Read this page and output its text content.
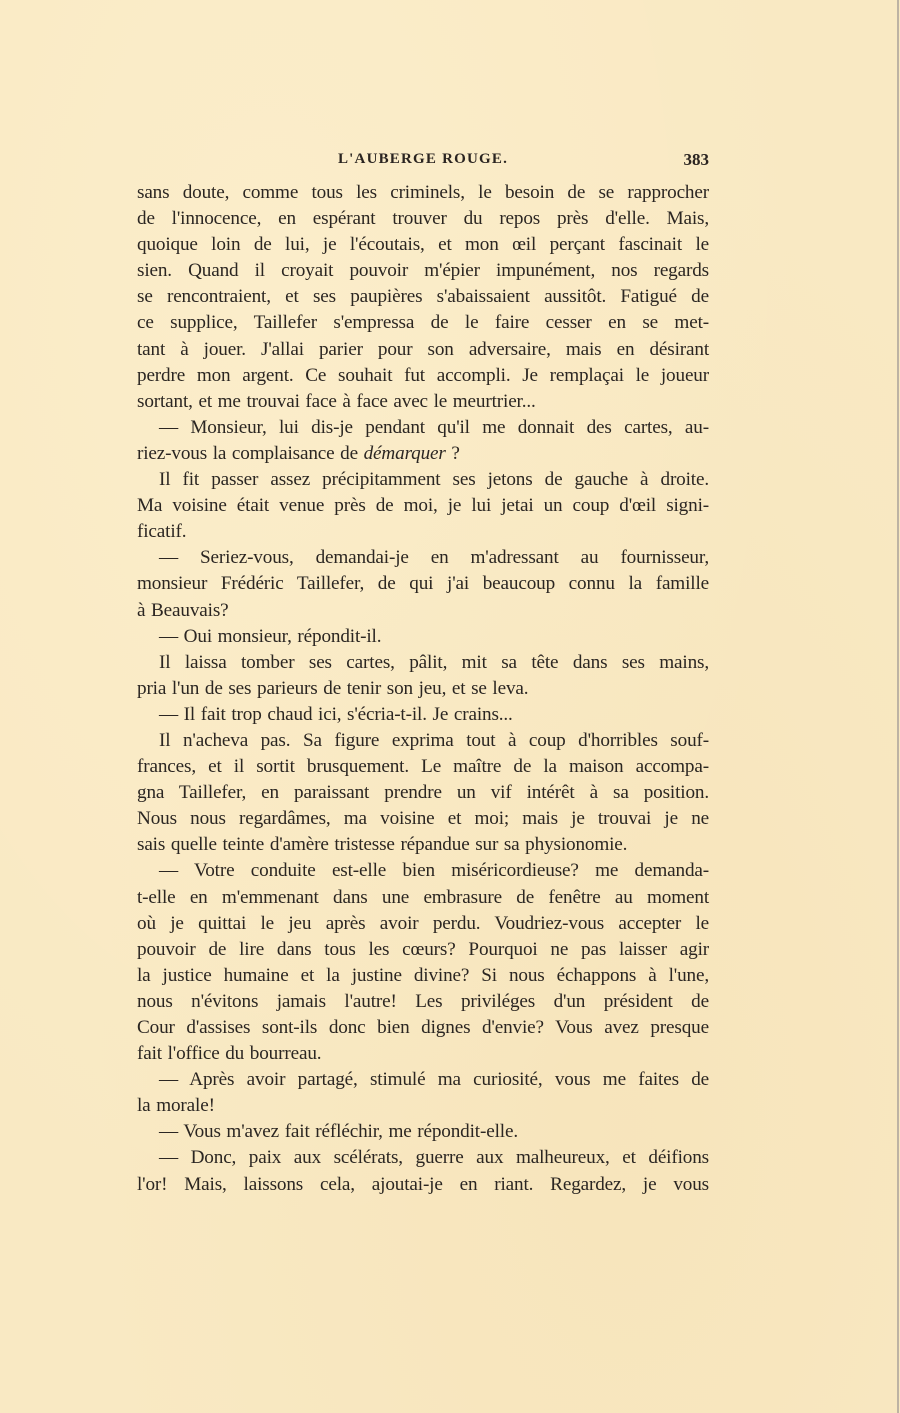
L'AUBERGE ROUGE.	383
sans doute, comme tous les criminels, le besoin de se rapprocher
de l'innocence, en espérant trouver du repos près d'elle. Mais,
quoique loin de lui, je l'écoutais, et mon œil perçant fascinait le
sien. Quand il croyait pouvoir m'épier impunément, nos regards
se rencontraient, et ses paupières s'abaissaient aussitôt. Fatigué de
ce supplice, Taillefer s'empressa de le faire cesser en se met-
tant à jouer. J'allai parier pour son adversaire, mais en désirant
perdre mon argent. Ce souhait fut accompli. Je remplaçai le joueur
sortant, et me trouvai face à face avec le meurtrier...
— Monsieur, lui dis-je pendant qu'il me donnait des cartes, au-
riez-vous la complaisance de démarquer ?
Il fit passer assez précipitamment ses jetons de gauche à droite.
Ma voisine était venue près de moi, je lui jetai un coup d'œil signi-
ficatif.
— Seriez-vous, demandai-je en m'adressant au fournisseur,
monsieur Frédéric Taillefer, de qui j'ai beaucoup connu la famille
à Beauvais?
— Oui monsieur, répondit-il.
Il laissa tomber ses cartes, pâlit, mit sa tête dans ses mains,
pria l'un de ses parieurs de tenir son jeu, et se leva.
— Il fait trop chaud ici, s'écria-t-il. Je crains...
Il n'acheva pas. Sa figure exprima tout à coup d'horribles souf-
frances, et il sortit brusquement. Le maître de la maison accompa-
gna Taillefer, en paraissant prendre un vif intérêt à sa position.
Nous nous regardâmes, ma voisine et moi; mais je trouvai je ne
sais quelle teinte d'amère tristesse répandue sur sa physionomie.
— Votre conduite est-elle bien miséricordieuse? me demanda-
t-elle en m'emmenant dans une embrasure de fenêtre au moment
où je quittai le jeu après avoir perdu. Voudriez-vous accepter le
pouvoir de lire dans tous les cœurs? Pourquoi ne pas laisser agir
la justice humaine et la justine divine? Si nous échappons à l'une,
nous n'évitons jamais l'autre! Les priviléges d'un président de
Cour d'assises sont-ils donc bien dignes d'envie? Vous avez presque
fait l'office du bourreau.
— Après avoir partagé, stimulé ma curiosité, vous me faites de
la morale!
— Vous m'avez fait réfléchir, me répondit-elle.
— Donc, paix aux scélérats, guerre aux malheureux, et déifions
l'or! Mais, laissons cela, ajoutai-je en riant. Regardez, je vous
